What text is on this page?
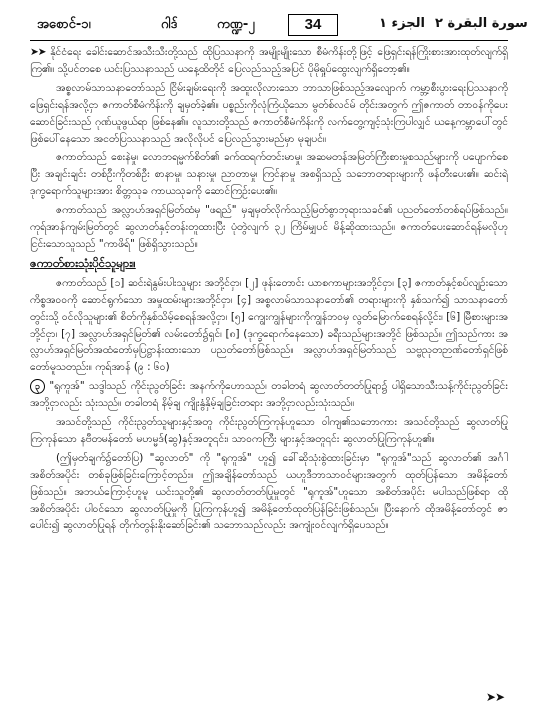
အစောင်-၁၊	ဂါဒ်	ကဏ္ဍ-၂	34	الجزء ١ سورة البقرة ٢

➤➤ နိုင်ငံရေး ခေါင်းဆောင်အသီးသီးတို့သည် ထိုပြဿနာကို အမျိုးမျိုးသော စီမံကိန်းတို့ဖြင့် ဖြေရှင်းရန်ကြိုးစားအားထုတ်လျက်ရှိကြ၏။ သို့ပင်တစေ ယင်းပြဿနာသည် ယနေ့ထိတိုင် ပြေလည်သည့်အပြင် ပိုမိုရှုပ်ထွေးလျက်ရှိတော့၏။

အစ္စလာမ်သာသနာတော်သည် ငြိမ်းချမ်းရေးကို အထူးလိုလားသော ဘာသာဖြစ်သည့်အလျောက် ကမ္ဘာ့စီးပွားရေးပြဿနာကို ဖြေရှင်းရန်အလို့ငှာ ဇကာတ်စီမံကိန်းကို ချမှတ်ခဲ့၏။ ပစ္စည်းကိုလုံကြံယိုသော မွတ်စ်လင်မ် တိုင်းအတွက် ဤဇကာတ် တာဝန်ကိုပေးဆောင်ခြင်းသည် ဂုဏ်ယူဖွယ်ရာ ဖြစ်နေ၏။ လူသားတို့သည် ဇကာတ်စီမံကိန်းကို လက်တွေ့ကျင့်သုံးကြပါလျှင် ယနေ့ကမ္ဘာပေါ်တွင် ဖြစ်ပေါ်နေသော အငတ်ပြဿနာသည် အလိုလိုပင် ပြေလည်သွားမည်မှာ မုချပင်။

ဇကာတ်သည် စေးနဲမှု၊ လောဘရမ္မက်စိတ်၏ ခက်ထရက်တင်းမာမှု၊ အဆမတန်အမြတ်ကြီးစားမှုစသည်များကို ပပျောက်စေပြီး အချင်းချင်း တစ်ဦးကိုတစ်ဦး စာနာမှု၊ သနားမှု၊ ညာတာမှု၊ ကြင်နာမှု အစရှိသည့် သဘောတရားများကို ဖန်တီးပေး၏။ ဆင်းရဲဒုက္ခရောက်သူများအား စိတ္တသုခ ကာယသုခကို ဆောင်ကြဉ်းပေး၏။

ဇကာတ်သည် အလ္လာဟ်အရှင်မြတ်ထံမှ "ဖရည်" မှချမှတ်လိုက်သည့်မြတ်စွာဘုရားသခင်၏ ပညတ်တော်တစ်ရပ်ဖြစ်သည်။ ကုရ်အာန်ကျမ်းမြတ်တွင် ဆွလာတ်နှင့်တန်းတူထားပြီး ပုံတွဲလျက် ၃၂ ကြိမ်မျှပင် မိန့်ဆိုထားသည်။ ဇကာတ်ပေးဆောင်ရန်မလိုဟု ငြင်းသောသူသည် "ကာဖိရ်" ဖြစ်ရှိသွားသည်။

ဇကာတ်စားသုံးပိုင်သူများ။

ဇကာတ်သည် [၁] ဆင်းရဲနွမ်းပါးသူများ အဘို့င်ငှာ၊ [၂] ဖုန်းတောင်း ယာစကာများအဘို့င်ငှာ၊ [၃] ဇကာတ်နှင့်စပ်လျဉ်းသော ကိစ္စအဝဝကို ဆောင်ရွက်သော အမှုထမ်းများအဘို့င်ငှာ၊ [၄] အစ္စလာမ်သာသနာတော်၏ တရားများကို နှစ်သက်၍ သာသနာတော်တွင်းသို့ ဝင်လိုသူများ၏ စိတ်ကိုနှစ်သိမ့်စေရန်အလို့ငှာ၊ [၅] ကျွေးကျွန်များကိုကျွန်ဘဝမှ လွတ်မြောက်စေရန်လို့င်း၊ [၆] မြီစားများအဘို့င်ငှာ၊ [၇] အလ္လာဟ်အရှင်မြတ်၏ လမ်းတော်၌ရှင်၊ [၈] (ဒုက္ခရောက်နေသော) ခရီးသည်များအဘို့င် ဖြစ်သည်။ ဤသည်ကား အလ္လာဟ်အရှင်မြတ်အထံတော်မှပြဋ္ဌာန်းထားသော ပညတ်တော်ဖြစ်သည်။ အလ္လာဟ်အရှင်မြတ်သည် သဗ္ဗညုတဉာဏ်တော်ရှင်ဖြစ်တော်မူသတည်း။ ကုရ်အာန် (၉ : ၆၀)

၃ "ရုကူအ်" သဒ္ဒါသည် ကိုင်းညွတ်ခြင်း အနက်ကိုဟောသည်၊ တခါတရံ ဆွလာတ်တတ်ပြုရာ၌ ပါရှိသောသီးသန့်ကိုင်းညွတ်ခြင်းအဘို့ငှာလည်း သုံးသည်။ တခါတရံ နိမ့်ချ ကျိုးနွံနှိမ့်ချခြင်းတရား အဘို့ငှာလည်းသုံးသည်။

အသင်တို့သည် ကိုင်းညွတ်သူများနှင့်အတူ ကိုင်းညွတ်ကြကုန်ဟူသော ဝါကျ၏သဘောကား အသင်တို့သည် ဆွလာတ်ပြုကြကုန်သော နဗီတမန်တော် မဟမ္မဒ်(ဆွ)နှင့်အတူ၎င်း၊ သာဝကကြီး များနှင့်အတူ၎င်း ဆွလာတ်ပြုကြကုန်ဟူ၏။

(ဤမှတ်ချက်၌တော်ပြ) "ဆွလာတ်" ကို "ရုကူအ်" ဟူ၍ ခေါ်ဆိုသုံးစွဲထားခြင်းမှာ "ရုကူအ်"သည် ဆွလာတ်၏ အင်္ဂါအစိတ်အပိုင်း တစ်ခုဖြစ်ခြင်းကြောင့်တည်း။ ဤအချိန်တော်သည် ယဟူဒီဘာသာဝင်များအတွက် ထုတ်ပြန်သော အမိန့်တော်ဖြစ်သည်။ အဘယ်ကြောင့်ဟူမူ ယင်းသူတို့၏ ဆွလာတ်တတ်ပြုမှုတွင် "ရုကူအ်"ဟူသော အစိတ်အပိုင်း မပါသည်ဖြစ်ရာ ထိုအစိတ်အပိုင်း ပါဝင်သော ဆွလာတ်ပြုမှုကို ပြုကြကုန်ဟူ၍ အမိန့်တော်ထုတ်ပြန်ခြင်းဖြစ်သည်။ ပြီးနောက် ထိုအမိန့်တော်တွင် ဇာပေါင်း၍ ဆွလာတ်ပြုရန် တိုက်တွန်းနိုးဆော်ခြင်း၏ သဘောသည်လည်း အကျုံးဝင်လျက်ရှိပေသည်။

➤➤
